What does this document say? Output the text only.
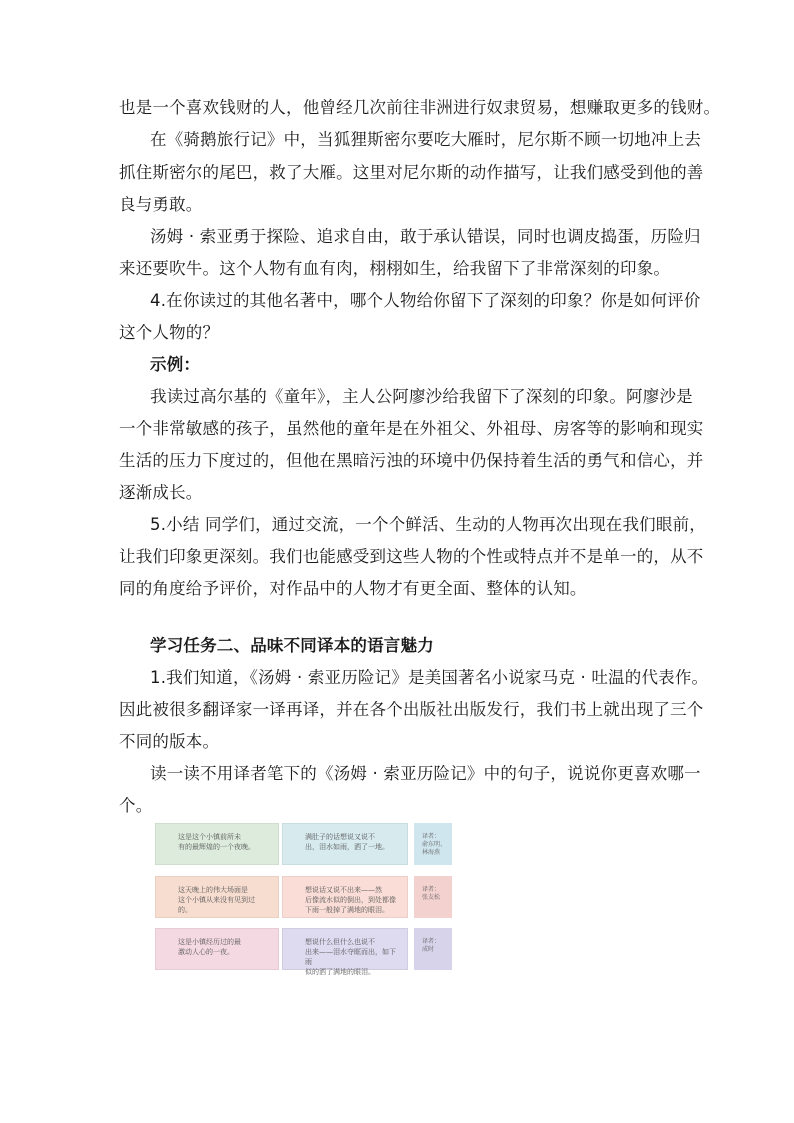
也是一个喜欢钱财的人，他曾经几次前往非洲进行奴隶贸易，想赚取更多的钱财。
在《骑鹅旅行记》中，当狐狸斯密尔要吃大雁时，尼尔斯不顾一切地冲上去
抓住斯密尔的尾巴，救了大雁。这里对尼尔斯的动作描写，让我们感受到他的善
良与勇敢。
汤姆 · 索亚勇于探险、追求自由，敢于承认错误，同时也调皮捣蛋，历险归
来还要吹牛。这个人物有血有肉，栩栩如生，给我留下了非常深刻的印象。
4.在你读过的其他名著中，哪个人物给你留下了深刻的印象？你是如何评价
这个人物的？
示例：
我读过高尔基的《童年》，主人公阿廖沙给我留下了深刻的印象。阿廖沙是
一个非常敏感的孩子，虽然他的童年是在外祖父、外祖母、房客等的影响和现实
生活的压力下度过的，但他在黑暗污浊的环境中仍保持着生活的勇气和信心，并
逐渐成长。
5.小结 同学们，通过交流，一个个鲜活、生动的人物再次出现在我们眼前，
让我们印象更深刻。我们也能感受到这些人物的个性或特点并不是单一的，从不
同的角度给予评价，对作品中的人物才有更全面、整体的认知。
学习任务二、品味不同译本的语言魅力
1.我们知道，《汤姆 · 索亚历险记》是美国著名小说家马克 · 吐温的代表作。
因此被很多翻译家一译再译，并在各个出版社出版发行，我们书上就出现了三个
不同的版本。
读一读不用译者笔下的《汤姆 · 索亚历险记》中的句子，说说你更喜欢哪一
个。
这是这个小镇前所未
有的最辉煌的一个夜晚。
满肚子的话想说又说不
出，泪水如雨，洒了一地。
译者：
俞东明、
林海燕
这天晚上的伟大场面是
这个小镇从来没有见到过的。
想说话又说不出来——然
后像流水似的倒出，到处都像
下雨一般掉了满地的眼泪。
译者：
张友松
这是小镇经历过的最
激动人心的一夜。
想说什么但什么也说不
出来——泪水夺眶而出，如下雨
似的洒了满地的眼泪。
译者：
成时
